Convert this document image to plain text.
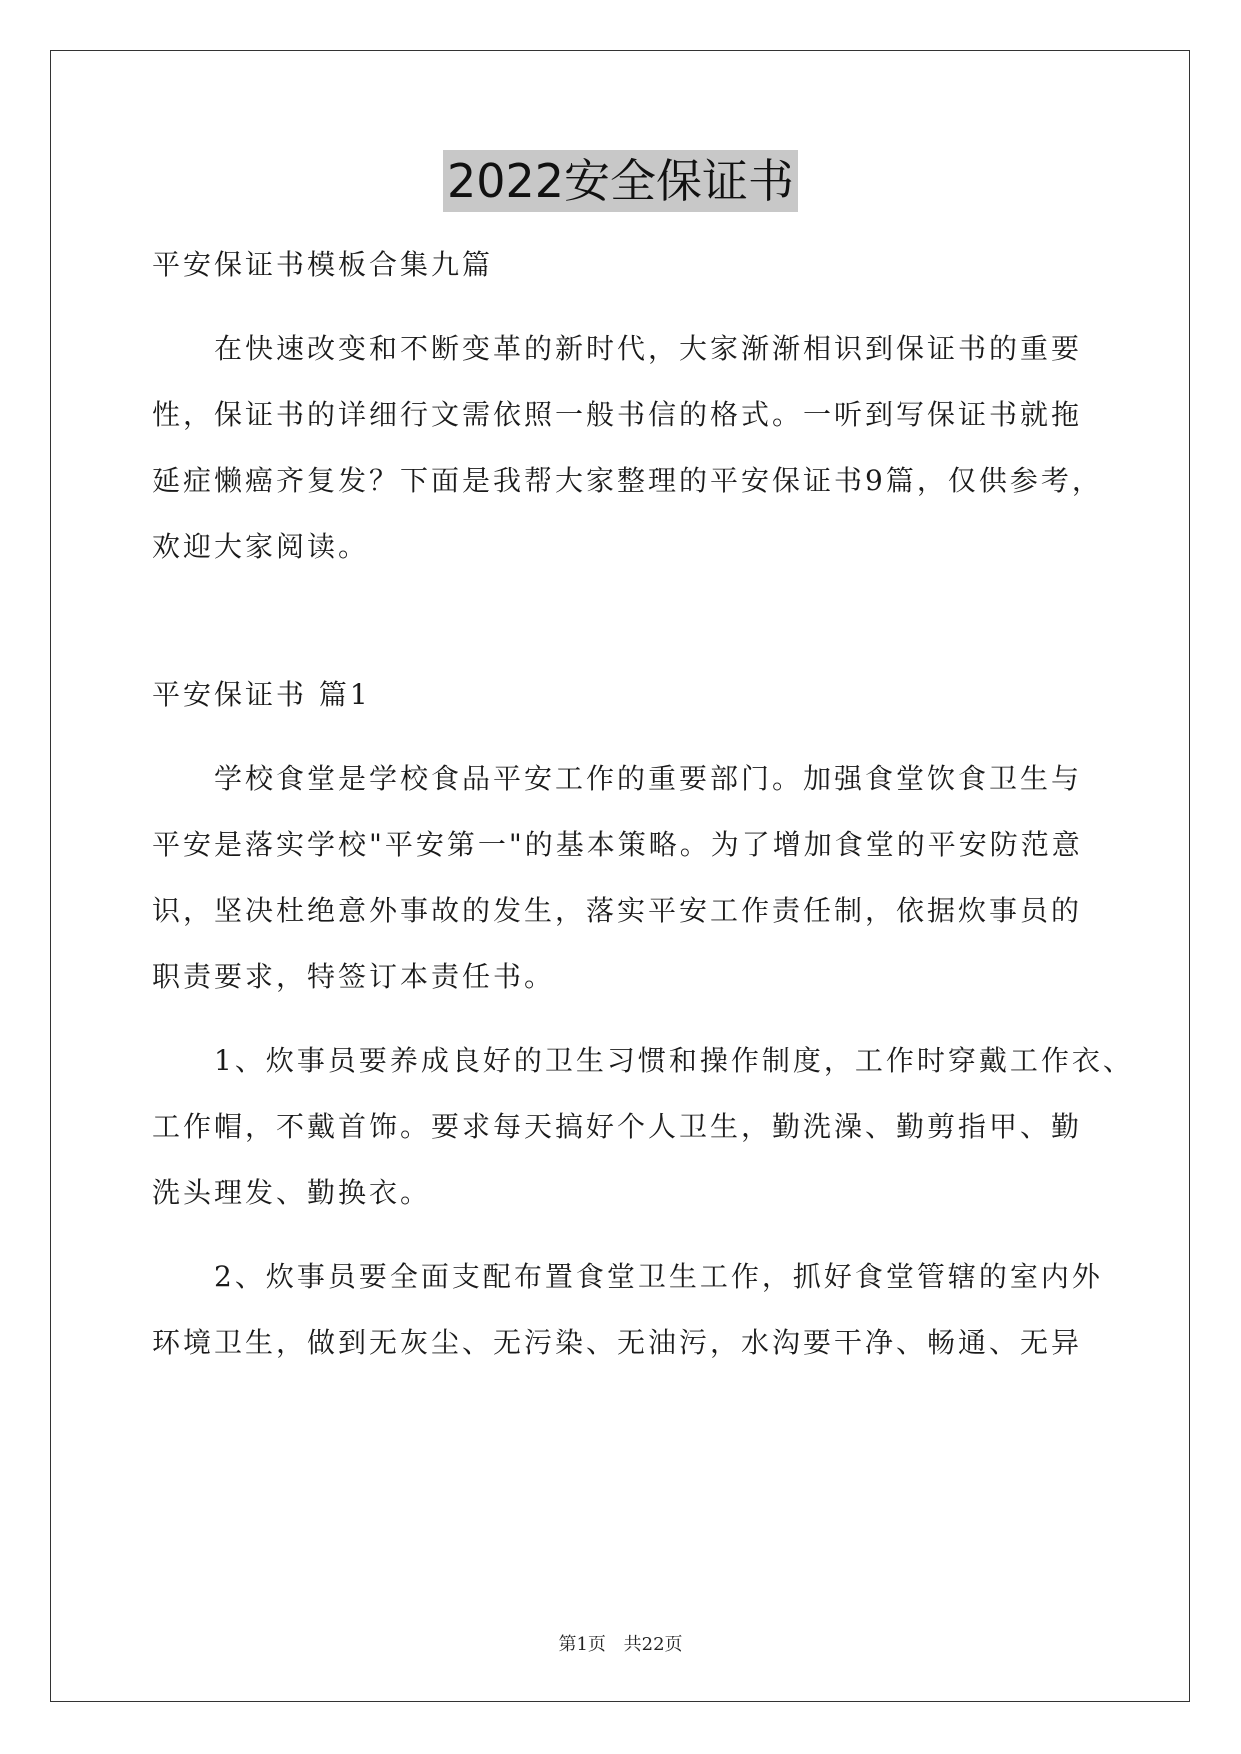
2022安全保证书
平安保证书模板合集九篇
在快速改变和不断变革的新时代，大家渐渐相识到保证书的重要
性，保证书的详细行文需依照一般书信的格式。一听到写保证书就拖
延症懒癌齐复发？下面是我帮大家整理的平安保证书9篇，仅供参考，
欢迎大家阅读。
平安保证书 篇1
学校食堂是学校食品平安工作的重要部门。加强食堂饮食卫生与
平安是落实学校"平安第一"的基本策略。为了增加食堂的平安防范意
识，坚决杜绝意外事故的发生，落实平安工作责任制，依据炊事员的
职责要求，特签订本责任书。
1、炊事员要养成良好的卫生习惯和操作制度，工作时穿戴工作衣、
工作帽，不戴首饰。要求每天搞好个人卫生，勤洗澡、勤剪指甲、勤
洗头理发、勤换衣。
2、炊事员要全面支配布置食堂卫生工作，抓好食堂管辖的室内外
环境卫生，做到无灰尘、无污染、无油污，水沟要干净、畅通、无异
第1页 共22页
